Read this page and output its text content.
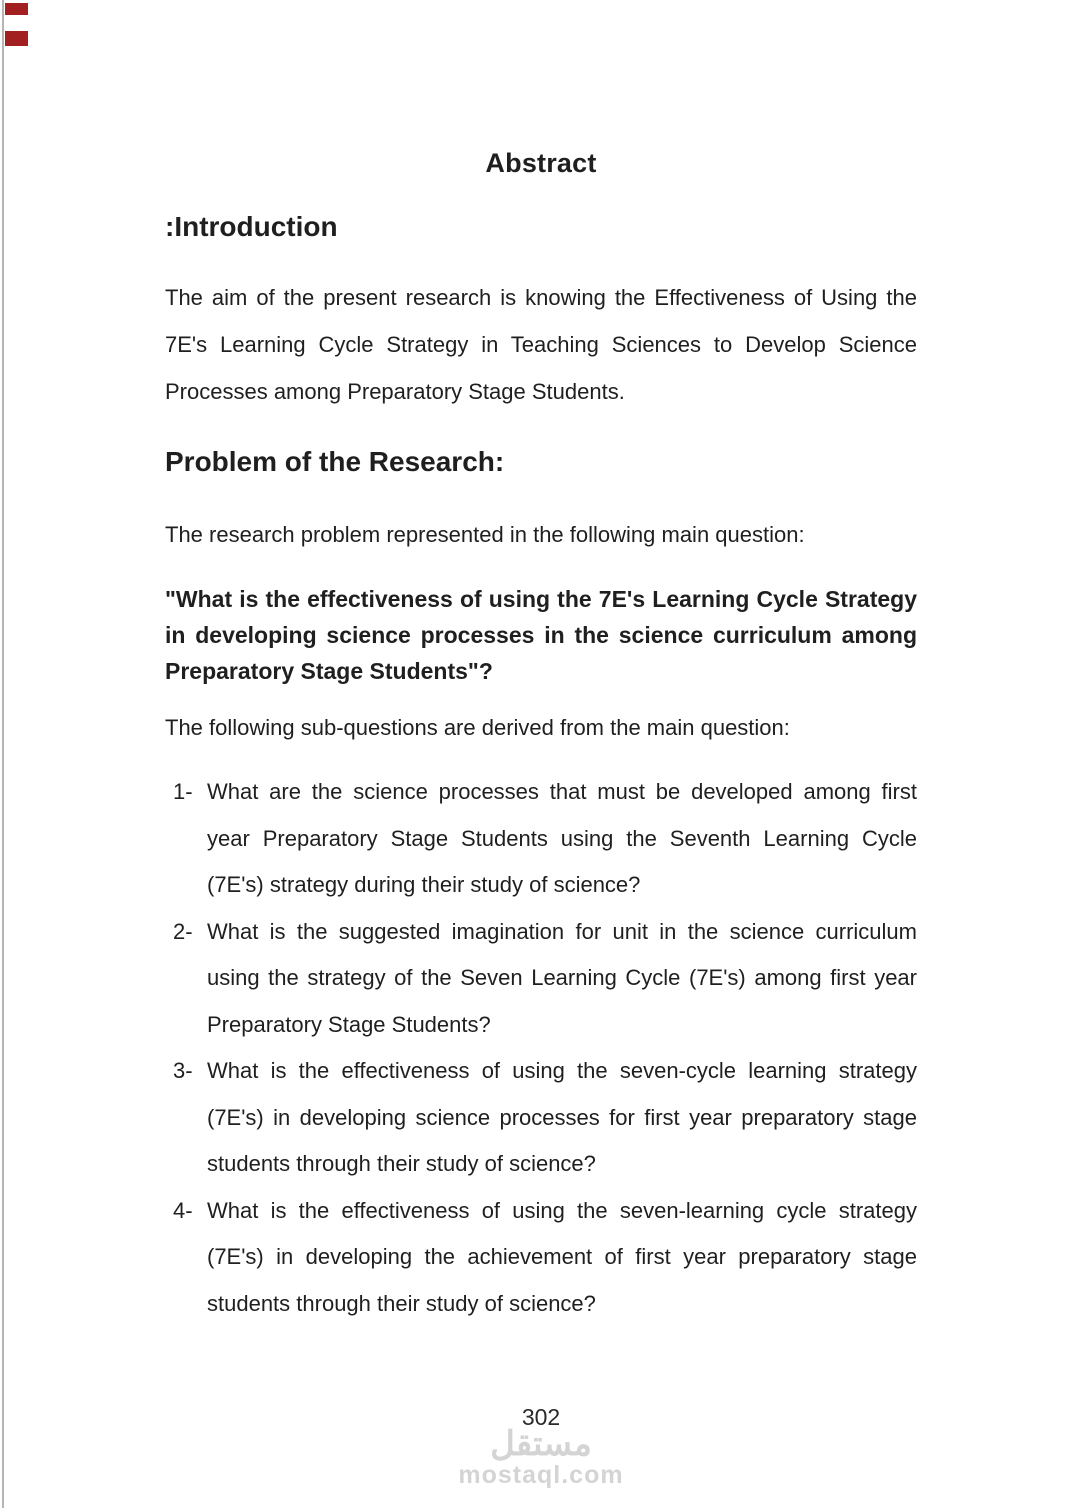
Abstract
:Introduction

The aim of the present research is knowing the Effectiveness of Using the 7E's Learning Cycle Strategy in Teaching Sciences to Develop Science Processes among Preparatory Stage Students.

Problem of the Research:

The research problem represented in the following main question:

"What is the effectiveness of using the 7E's Learning Cycle Strategy in developing science processes in the science curriculum among Preparatory Stage Students"?

The following sub-questions are derived from the main question:

1- What are the science processes that must be developed among first year Preparatory Stage Students using the Seventh Learning Cycle (7E's) strategy during their study of science?
2- What is the suggested imagination for unit in the science curriculum using the strategy of the Seven Learning Cycle (7E's) among first year Preparatory Stage Students?
3- What is the effectiveness of using the seven-cycle learning strategy (7E's) in developing science processes for first year preparatory stage students through their study of science?
4- What is the effectiveness of using the seven-learning cycle strategy (7E's) in developing the achievement of first year preparatory stage students through their study of science?
302
مستقل
mostaql.com
